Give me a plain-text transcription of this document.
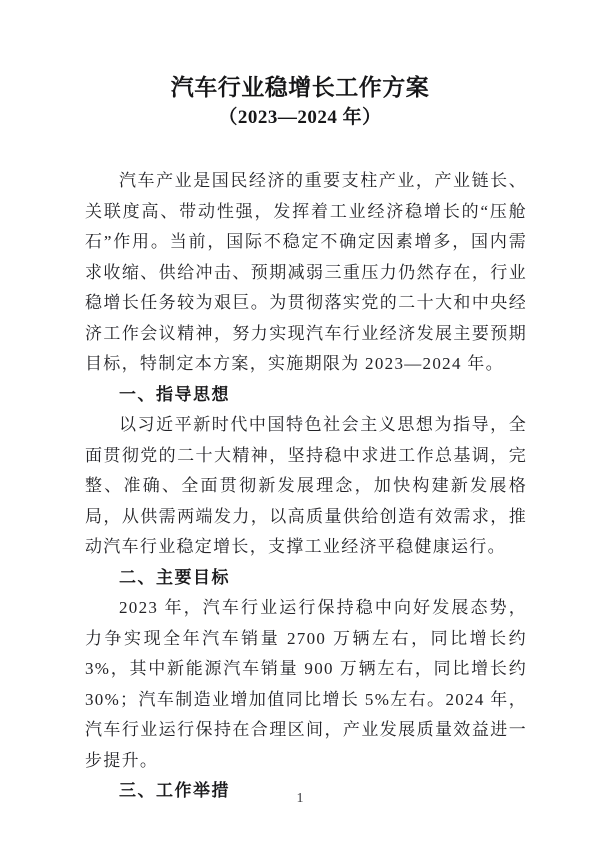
汽车行业稳增长工作方案
（2023—2024 年）

汽车产业是国民经济的重要支柱产业，产业链长、关联度高、带动性强，发挥着工业经济稳增长的“压舱石”作用。当前，国际不稳定不确定因素增多，国内需求收缩、供给冲击、预期减弱三重压力仍然存在，行业稳增长任务较为艰巨。为贯彻落实党的二十大和中央经济工作会议精神，努力实现汽车行业经济发展主要预期目标，特制定本方案，实施期限为 2023—2024 年。

一、指导思想

以习近平新时代中国特色社会主义思想为指导，全面贯彻党的二十大精神，坚持稳中求进工作总基调，完整、准确、全面贯彻新发展理念，加快构建新发展格局，从供需两端发力，以高质量供给创造有效需求，推动汽车行业稳定增长，支撑工业经济平稳健康运行。

二、主要目标

2023 年，汽车行业运行保持稳中向好发展态势，力争实现全年汽车销量 2700 万辆左右，同比增长约 3%，其中新能源汽车销量 900 万辆左右，同比增长约 30%；汽车制造业增加值同比增长 5%左右。2024 年，汽车行业运行保持在合理区间，产业发展质量效益进一步提升。

三、工作举措	1
